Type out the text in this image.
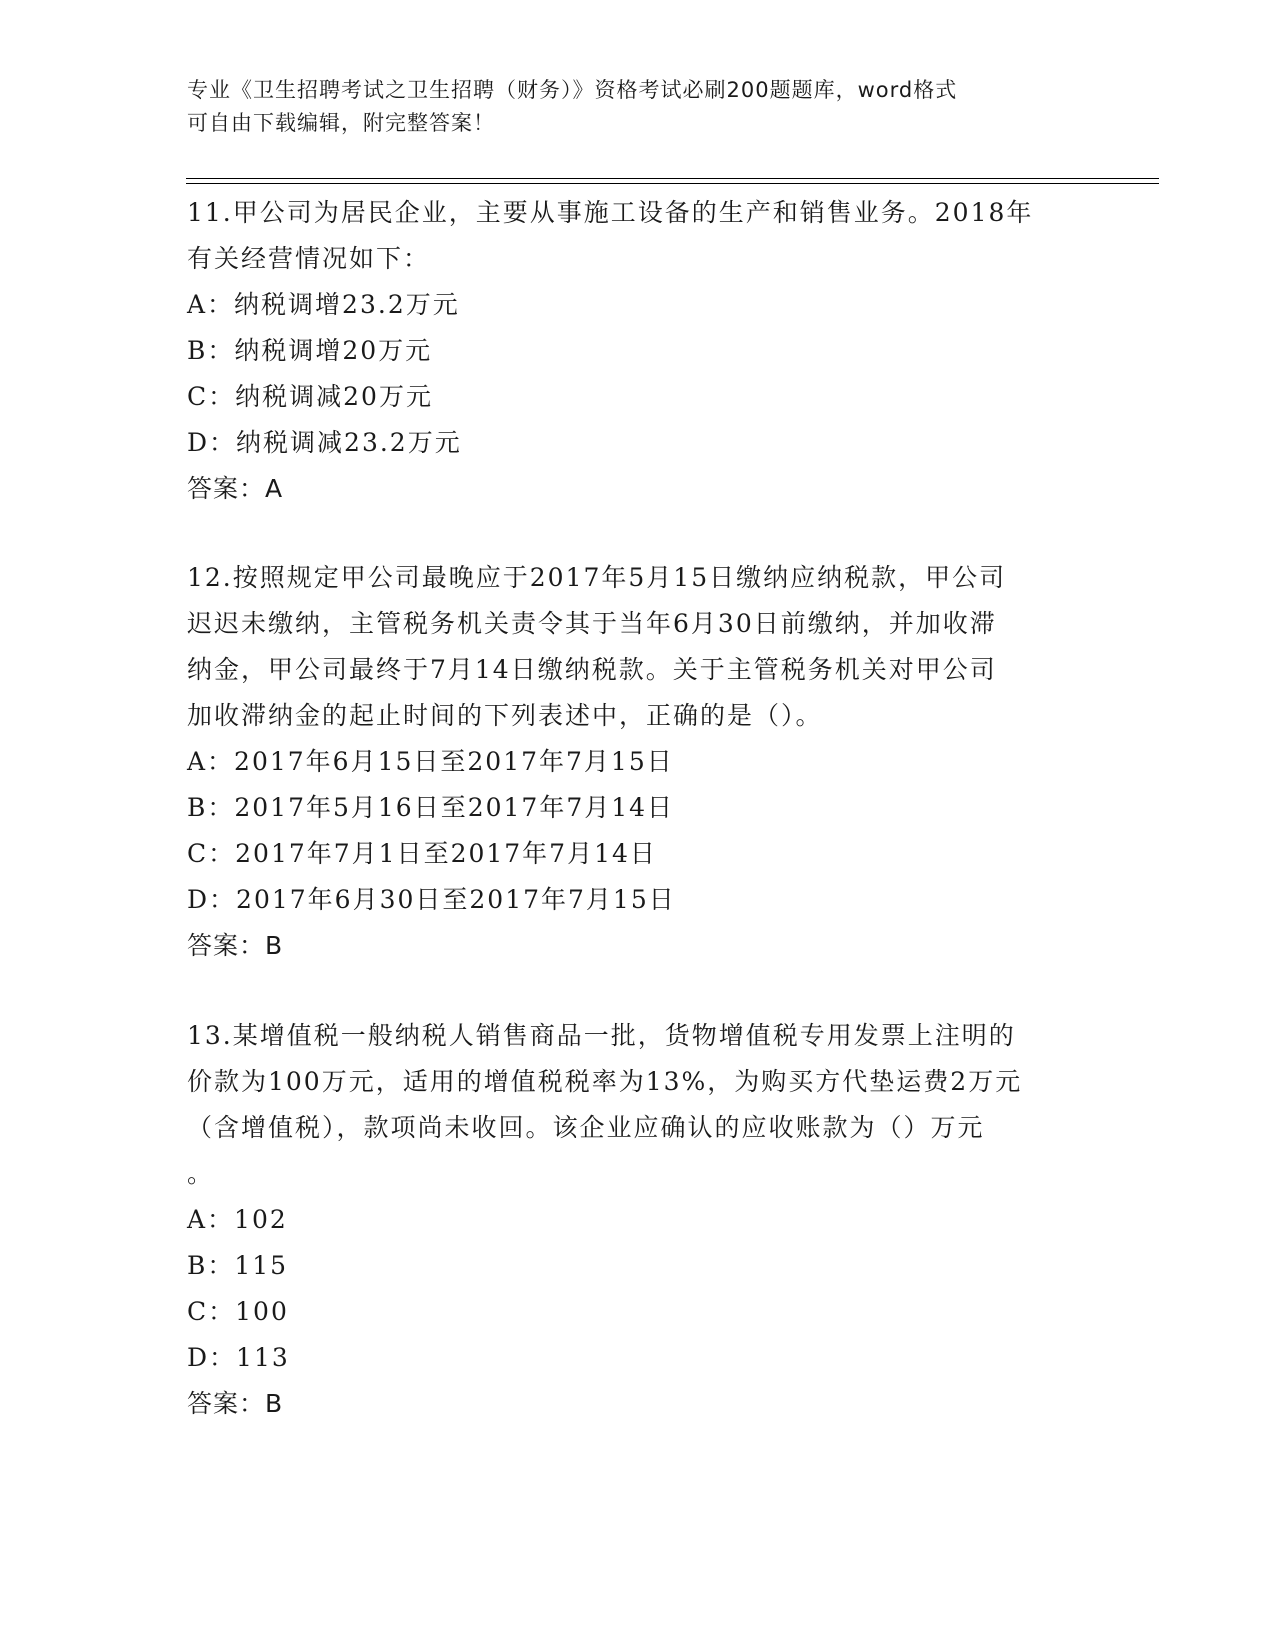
专业《卫生招聘考试之卫生招聘（财务）》资格考试必刷200题题库，word格式
可自由下载编辑，附完整答案！

11.甲公司为居民企业，主要从事施工设备的生产和销售业务。2018年

有关经营情况如下：

A：纳税调增23.2万元

B：纳税调增20万元

C：纳税调减20万元

D：纳税调减23.2万元

答案：A

12.按照规定甲公司最晚应于2017年5月15日缴纳应纳税款，甲公司

迟迟未缴纳，主管税务机关责令其于当年6月30日前缴纳，并加收滞

纳金，甲公司最终于7月14日缴纳税款。关于主管税务机关对甲公司

加收滞纳金的起止时间的下列表述中，正确的是（）。

A：2017年6月15日至2017年7月15日

B：2017年5月16日至2017年7月14日

C：2017年7月1日至2017年7月14日

D：2017年6月30日至2017年7月15日

答案：B

13.某增值税一般纳税人销售商品一批，货物增值税专用发票上注明的

价款为100万元，适用的增值税税率为13%，为购买方代垫运费2万元

（含增值税），款项尚未收回。该企业应确认的应收账款为（）万元

。

A：102

B：115

C：100

D：113

答案：B
